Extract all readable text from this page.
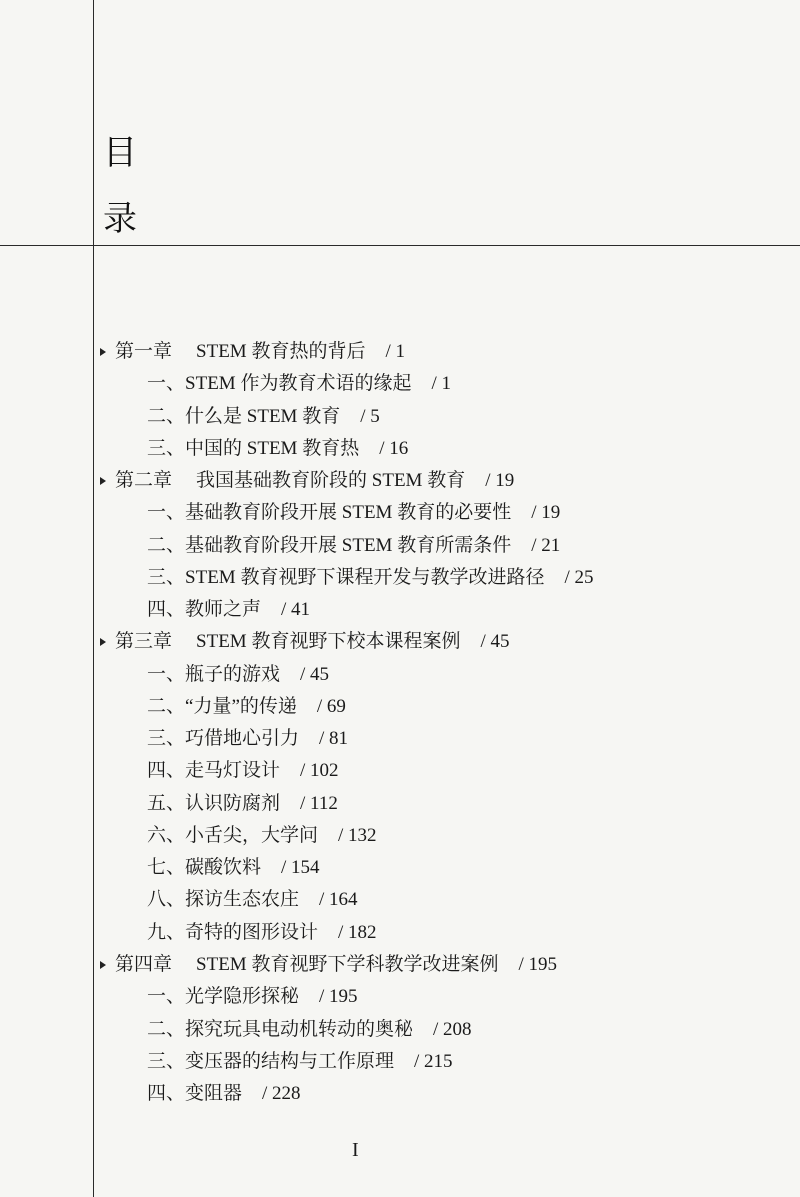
目
录
第一章 STEM 教育热的背后 / 1
一、 STEM 作为教育术语的缘起 / 1
二、 什么是 STEM 教育 / 5
三、 中国的 STEM 教育热 / 16
第二章 我国基础教育阶段的 STEM 教育 / 19
一、 基础教育阶段开展 STEM 教育的必要性 / 19
二、 基础教育阶段开展 STEM 教育所需条件 / 21
三、 STEM 教育视野下课程开发与教学改进路径 / 25
四、 教师之声 / 41
第三章 STEM 教育视野下校本课程案例 / 45
一、 瓶子的游戏 / 45
二、 “力量”的传递 / 69
三、 巧借地心引力 / 81
四、 走马灯设计 / 102
五、 认识防腐剂 / 112
六、 小舌尖，大学问 / 132
七、 碳酸饮料 / 154
八、 探访生态农庄 / 164
九、 奇特的图形设计 / 182
第四章 STEM 教育视野下学科教学改进案例 / 195
一、 光学隐形探秘 / 195
二、 探究玩具电动机转动的奥秘 / 208
三、 变压器的结构与工作原理 / 215
四、 变阻器 / 228
I
